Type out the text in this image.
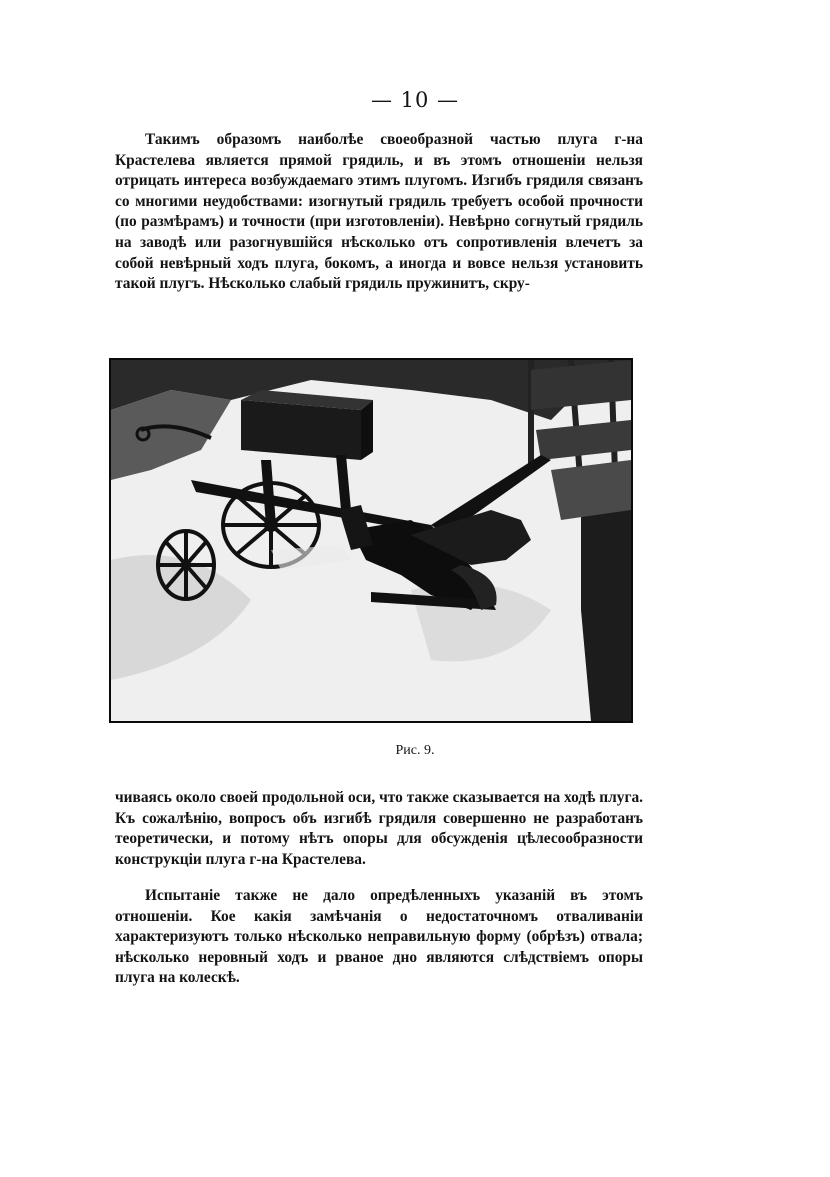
— 10 —

Такимъ образомъ наиболѣе своеобразной частью плуга г-на Крастелева является прямой грядиль, и въ этомъ отношеніи нельзя отрицать интереса возбуждаемаго этимъ плугомъ. Изгибъ грядиля связанъ со многими неудобствами: изогнутый грядиль требуетъ особой прочности (по размѣрамъ) и точности (при изготовленіи). Невѣрно согнутый грядиль на заводѣ или разогнувшійся нѣсколько отъ сопротивленія влечетъ за собой невѣрный ходъ плуга, бокомъ, а иногда и вовсе нельзя установить такой плугъ. Нѣсколько слабый грядиль пружинитъ, скру-

Рис. 9.

чиваясь около своей продольной оси, что также сказывается на ходѣ плуга. Къ сожалѣнію, вопросъ объ изгибѣ грядиля совершенно не разработанъ теоретически, и потому нѣтъ опоры для обсужденія цѣлесообразности конструкціи плуга г-на Крастелева.

Испытаніе также не дало опредѣленныхъ указаній въ этомъ отношеніи. Кое какія замѣчанія о недостаточномъ отваливаніи характеризуютъ только нѣсколько неправильную форму (обрѣзъ) отвала; нѣсколько неровный ходъ и рваное дно являются слѣдствіемъ опоры плуга на колескѣ.
